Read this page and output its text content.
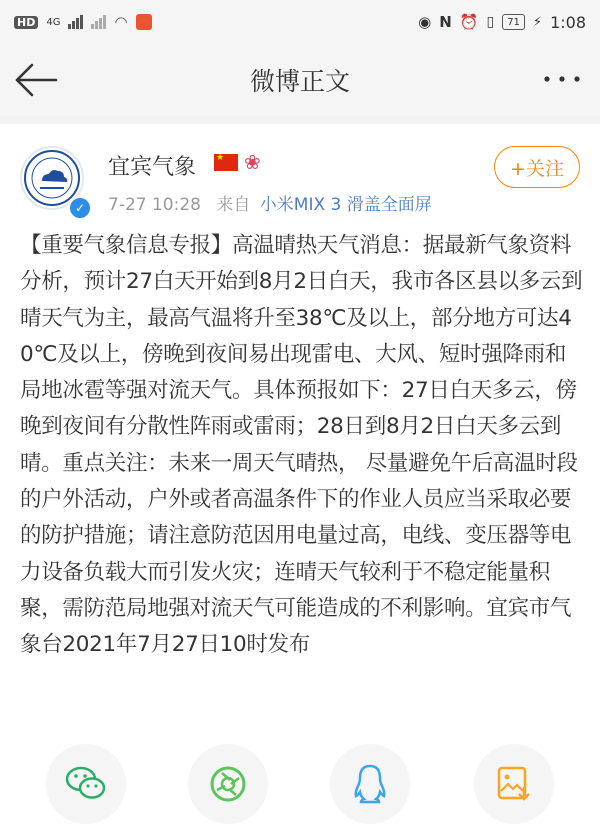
HD	4G	◠	◉ N ⏰ ▯ 71 ⚡ 1:08
微博正文
✓
宜宾气象
★ ❀
7-27 10:28 来自 小米MIX 3 滑盖全面屏
+关注
【重要气象信息专报】高温晴热天气消息：据最新气象资料分析，预计27白天开始到8月2日白天，我市各区县以多云到晴天气为主，最高气温将升至38℃及以上，部分地方可达40℃及以上，傍晚到夜间易出现雷电、大风、短时强降雨和局地冰雹等强对流天气。具体预报如下：27日白天多云，傍晚到夜间有分散性阵雨或雷雨；28日到8月2日白天多云到晴。重点关注：未来一周天气晴热， 尽量避免午后高温时段的户外活动，户外或者高温条件下的作业人员应当采取必要的防护措施；请注意防范因用电量过高，电线、变压器等电力设备负载大而引发火灾；连晴天气较利于不稳定能量积聚，需防范局地强对流天气可能造成的不利影响。宜宾市气象台2021年7月27日10时发布
